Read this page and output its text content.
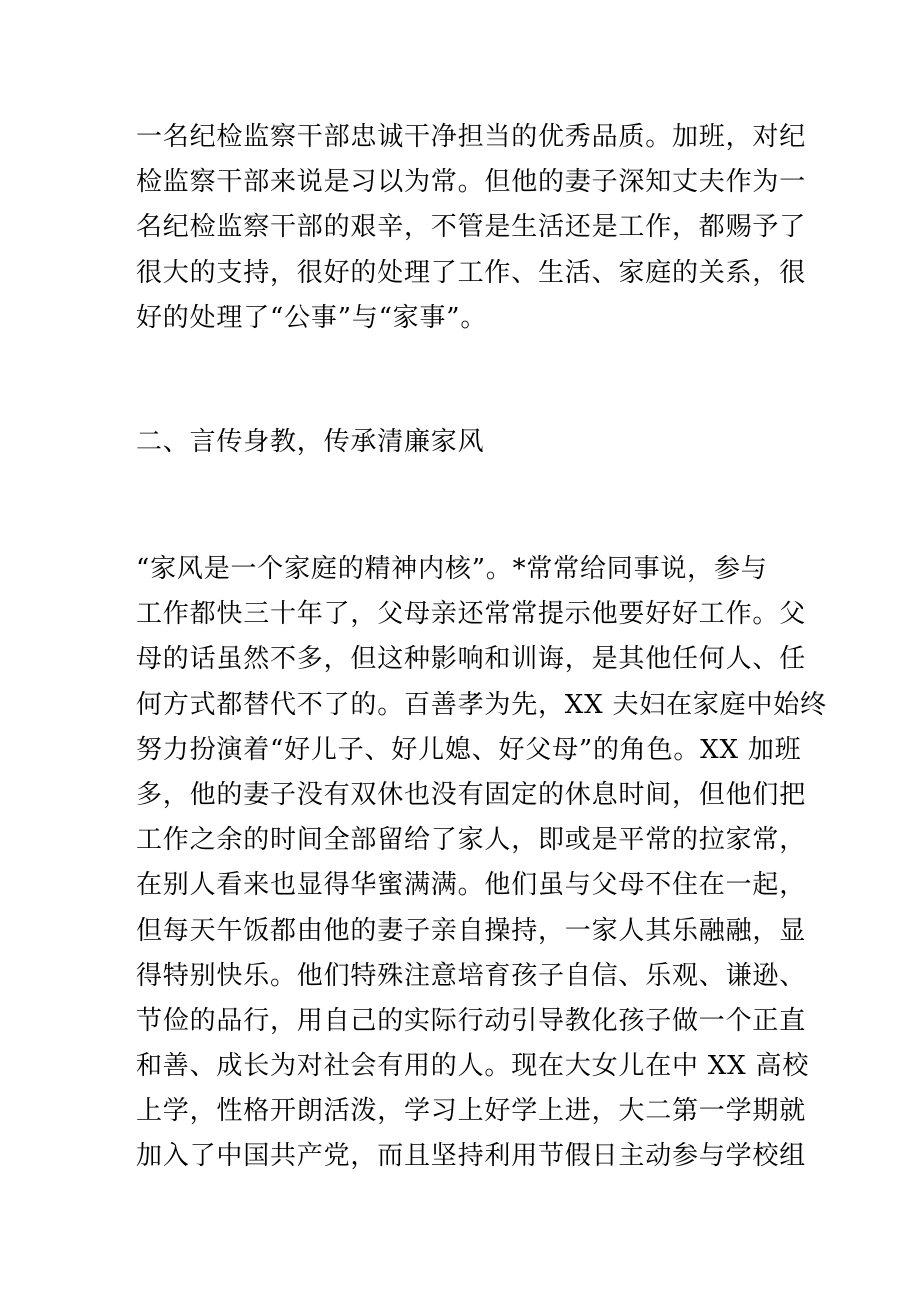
一名纪检监察干部忠诚干净担当的优秀品质。加班，对纪
检监察干部来说是习以为常。但他的妻子深知丈夫作为一
名纪检监察干部的艰辛，不管是生活还是工作，都赐予了
很大的支持，很好的处理了工作、生活、家庭的关系，很
好的处理了“公事”与“家事”。
二、言传身教，传承清廉家风
“家风是一个家庭的精神内核”。*常常给同事说，参与
工作都快三十年了，父母亲还常常提示他要好好工作。父
母的话虽然不多，但这种影响和训诲，是其他任何人、任
何方式都替代不了的。百善孝为先，XX 夫妇在家庭中始终
努力扮演着“好儿子、好儿媳、好父母”的角色。XX 加班
多，他的妻子没有双休也没有固定的休息时间，但他们把
工作之余的时间全部留给了家人，即或是平常的拉家常，
在别人看来也显得华蜜满满。他们虽与父母不住在一起，
但每天午饭都由他的妻子亲自操持，一家人其乐融融，显
得特别快乐。他们特殊注意培育孩子自信、乐观、谦逊、
节俭的品行，用自己的实际行动引导教化孩子做一个正直
和善、成长为对社会有用的人。现在大女儿在中 XX 高校
上学，性格开朗活泼，学习上好学上进，大二第一学期就
加入了中国共产党，而且坚持利用节假日主动参与学校组
